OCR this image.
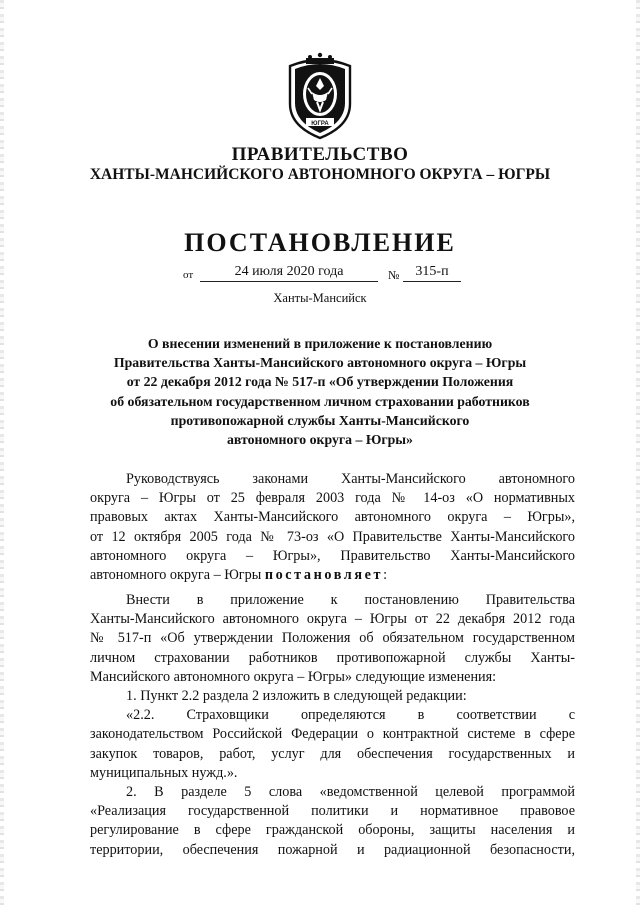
ЮГРА
ПРАВИТЕЛЬСТВО
ХАНТЫ-МАНСИЙСКОГО АВТОНОМНОГО ОКРУГА – ЮГРЫ
ПОСТАНОВЛЕНИЕ
от	24 июля 2020 года	№	315-п
Ханты-Мансийск
О внесении изменений в приложение к постановлению
Правительства Ханты-Мансийского автономного округа – Югры
от 22 декабря 2012 года № 517-п «Об утверждении Положения
об обязательном государственном личном страховании работников
противопожарной службы Ханты-Мансийского
автономного округа – Югры»
Руководствуясь законами Ханты-Мансийского автономного
округа – Югры от 25 февраля 2003 года № 14-оз «О нормативных
правовых актах Ханты-Мансийского автономного округа – Югры»,
от 12 октября 2005 года № 73-оз «О Правительстве Ханты-Мансийского
автономного округа – Югры», Правительство Ханты-Мансийского
автономного округа – Югры постановляет:
Внести в приложение к постановлению Правительства
Ханты-Мансийского автономного округа – Югры от 22 декабря 2012 года
№ 517-п «Об утверждении Положения об обязательном государственном
личном страховании работников противопожарной службы Ханты-
Мансийского автономного округа – Югры» следующие изменения:
1. Пункт 2.2 раздела 2 изложить в следующей редакции:
«2.2. Страховщики определяются в соответствии с
законодательством Российской Федерации о контрактной системе в сфере
закупок товаров, работ, услуг для обеспечения государственных и
муниципальных нужд.».
2. В разделе 5 слова «ведомственной целевой программой
«Реализация государственной политики и нормативное правовое
регулирование в сфере гражданской обороны, защиты населения и
территории, обеспечения пожарной и радиационной безопасности,
